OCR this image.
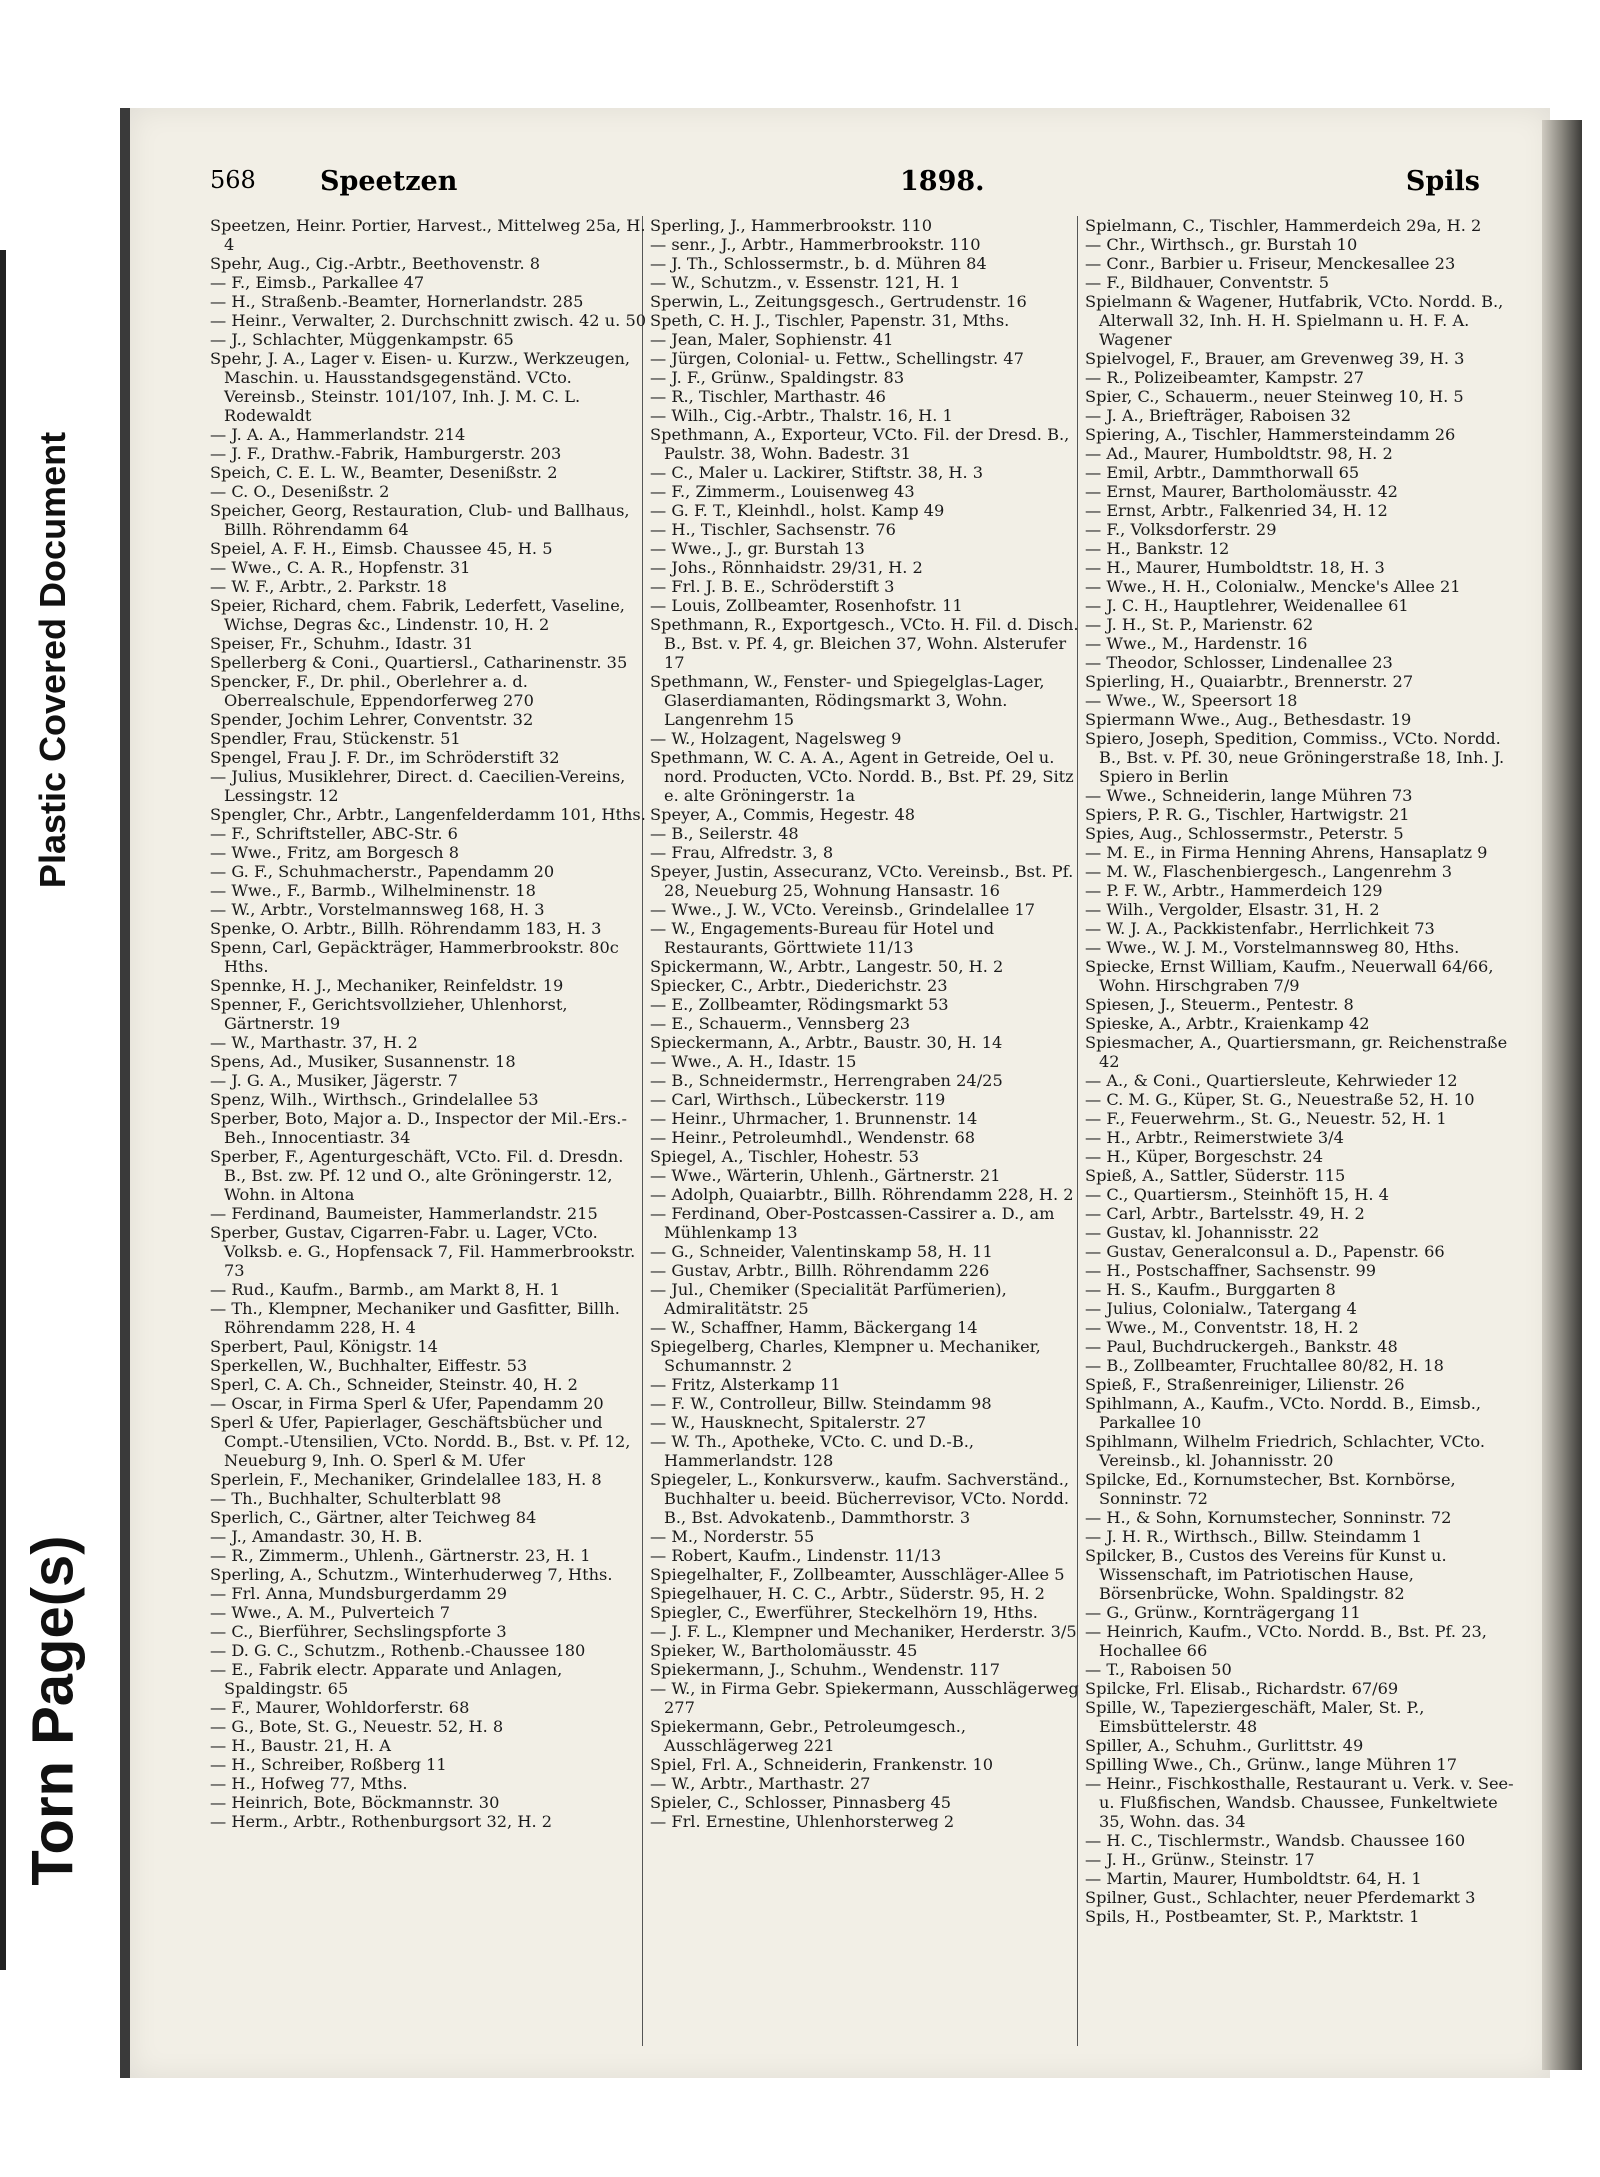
Plastic Covered Document
Torn Page(s)
568 Speetzen	1898.	Spils

Speetzen, Heinr. Portier, Harvest., Mittelweg 25a, H. 4

Spehr, Aug., Cig.-Arbtr., Beethovenstr. 8

— F., Eimsb., Parkallee 47

— H., Straßenb.-Beamter, Hornerlandstr. 285

— Heinr., Verwalter, 2. Durchschnitt zwisch. 42 u. 50

— J., Schlachter, Müggenkampstr. 65

Spehr, J. A., Lager v. Eisen- u. Kurzw., Werkzeugen, Maschin. u. Hausstandsgegenständ. VCto. Vereinsb., Steinstr. 101/107, Inh. J. M. C. L. Rodewaldt

— J. A. A., Hammerlandstr. 214

— J. F., Drathw.-Fabrik, Hamburgerstr. 203

Speich, C. E. L. W., Beamter, Desenißstr. 2

— C. O., Desenißstr. 2

Speicher, Georg, Restauration, Club- und Ballhaus, Billh. Röhrendamm 64

Speiel, A. F. H., Eimsb. Chaussee 45, H. 5

— Wwe., C. A. R., Hopfenstr. 31

— W. F., Arbtr., 2. Parkstr. 18

Speier, Richard, chem. Fabrik, Lederfett, Vaseline, Wichse, Degras &c., Lindenstr. 10, H. 2

Speiser, Fr., Schuhm., Idastr. 31

Spellerberg & Coni., Quartiersl., Catharinenstr. 35

Spencker, F., Dr. phil., Oberlehrer a. d. Oberrealschule, Eppendorferweg 270

Spender, Jochim Lehrer, Conventstr. 32

Spendler, Frau, Stückenstr. 51

Spengel, Frau J. F. Dr., im Schröderstift 32

— Julius, Musiklehrer, Direct. d. Caecilien-Vereins, Lessingstr. 12

Spengler, Chr., Arbtr., Langenfelderdamm 101, Hths.

— F., Schriftsteller, ABC-Str. 6

— Wwe., Fritz, am Borgesch 8

— G. F., Schuhmacherstr., Papendamm 20

— Wwe., F., Barmb., Wilhelminenstr. 18

— W., Arbtr., Vorstelmannsweg 168, H. 3

Spenke, O. Arbtr., Billh. Röhrendamm 183, H. 3

Spenn, Carl, Gepäckträger, Hammerbrookstr. 80c Hths.

Spennke, H. J., Mechaniker, Reinfeldstr. 19

Spenner, F., Gerichtsvollzieher, Uhlenhorst, Gärtnerstr. 19

— W., Marthastr. 37, H. 2

Spens, Ad., Musiker, Susannenstr. 18

— J. G. A., Musiker, Jägerstr. 7

Spenz, Wilh., Wirthsch., Grindelallee 53

Sperber, Boto, Major a. D., Inspector der Mil.-Ers.-Beh., Innocentiastr. 34

Sperber, F., Agenturgeschäft, VCto. Fil. d. Dresdn. B., Bst. zw. Pf. 12 und O., alte Gröningerstr. 12, Wohn. in Altona

— Ferdinand, Baumeister, Hammerlandstr. 215

Sperber, Gustav, Cigarren-Fabr. u. Lager, VCto. Volksb. e. G., Hopfensack 7, Fil. Hammerbrookstr. 73

— Rud., Kaufm., Barmb., am Markt 8, H. 1

— Th., Klempner, Mechaniker und Gasfitter, Billh. Röhrendamm 228, H. 4

Sperbert, Paul, Königstr. 14

Sperkellen, W., Buchhalter, Eiffestr. 53

Sperl, C. A. Ch., Schneider, Steinstr. 40, H. 2

— Oscar, in Firma Sperl & Ufer, Papendamm 20

Sperl & Ufer, Papierlager, Geschäftsbücher und Compt.-Utensilien, VCto. Nordd. B., Bst. v. Pf. 12, Neueburg 9, Inh. O. Sperl & M. Ufer

Sperlein, F., Mechaniker, Grindelallee 183, H. 8

— Th., Buchhalter, Schulterblatt 98

Sperlich, C., Gärtner, alter Teichweg 84

— J., Amandastr. 30, H. B.

— R., Zimmerm., Uhlenh., Gärtnerstr. 23, H. 1

Sperling, A., Schutzm., Winterhuderweg 7, Hths.

— Frl. Anna, Mundsburgerdamm 29

— Wwe., A. M., Pulverteich 7

— C., Bierführer, Sechslingspforte 3

— D. G. C., Schutzm., Rothenb.-Chaussee 180

— E., Fabrik electr. Apparate und Anlagen, Spaldingstr. 65

— F., Maurer, Wohldorferstr. 68

— G., Bote, St. G., Neuestr. 52, H. 8

— H., Baustr. 21, H. A

— H., Schreiber, Roßberg 11

— H., Hofweg 77, Mths.

— Heinrich, Bote, Böckmannstr. 30

— Herm., Arbtr., Rothenburgsort 32, H. 2

Sperling, J., Hammerbrookstr. 110

— senr., J., Arbtr., Hammerbrookstr. 110

— J. Th., Schlossermstr., b. d. Mühren 84

— W., Schutzm., v. Essenstr. 121, H. 1

Sperwin, L., Zeitungsgesch., Gertrudenstr. 16

Speth, C. H. J., Tischler, Papenstr. 31, Mths.

— Jean, Maler, Sophienstr. 41

— Jürgen, Colonial- u. Fettw., Schellingstr. 47

— J. F., Grünw., Spaldingstr. 83

— R., Tischler, Marthastr. 46

— Wilh., Cig.-Arbtr., Thalstr. 16, H. 1

Spethmann, A., Exporteur, VCto. Fil. der Dresd. B., Paulstr. 38, Wohn. Badestr. 31

— C., Maler u. Lackirer, Stiftstr. 38, H. 3

— F., Zimmerm., Louisenweg 43

— G. F. T., Kleinhdl., holst. Kamp 49

— H., Tischler, Sachsenstr. 76

— Wwe., J., gr. Burstah 13

— Johs., Rönnhaidstr. 29/31, H. 2

— Frl. J. B. E., Schröderstift 3

— Louis, Zollbeamter, Rosenhofstr. 11

Spethmann, R., Exportgesch., VCto. H. Fil. d. Disch. B., Bst. v. Pf. 4, gr. Bleichen 37, Wohn. Alsterufer 17

Spethmann, W., Fenster- und Spiegelglas-Lager, Glaserdiamanten, Rödingsmarkt 3, Wohn. Langenrehm 15

— W., Holzagent, Nagelsweg 9

Spethmann, W. C. A. A., Agent in Getreide, Oel u. nord. Producten, VCto. Nordd. B., Bst. Pf. 29, Sitz e. alte Gröningerstr. 1a

Speyer, A., Commis, Hegestr. 48

— B., Seilerstr. 48

— Frau, Alfredstr. 3, 8

Speyer, Justin, Assecuranz, VCto. Vereinsb., Bst. Pf. 28, Neueburg 25, Wohnung Hansastr. 16

— Wwe., J. W., VCto. Vereinsb., Grindelallee 17

— W., Engagements-Bureau für Hotel und Restaurants, Görttwiete 11/13

Spickermann, W., Arbtr., Langestr. 50, H. 2

Spiecker, C., Arbtr., Diederichstr. 23

— E., Zollbeamter, Rödingsmarkt 53

— E., Schauerm., Vennsberg 23

Spieckermann, A., Arbtr., Baustr. 30, H. 14

— Wwe., A. H., Idastr. 15

— B., Schneidermstr., Herrengraben 24/25

— Carl, Wirthsch., Lübeckerstr. 119

— Heinr., Uhrmacher, 1. Brunnenstr. 14

— Heinr., Petroleumhdl., Wendenstr. 68

Spiegel, A., Tischler, Hohestr. 53

— Wwe., Wärterin, Uhlenh., Gärtnerstr. 21

— Adolph, Quaiarbtr., Billh. Röhrendamm 228, H. 2

— Ferdinand, Ober-Postcassen-Cassirer a. D., am Mühlenkamp 13

— G., Schneider, Valentinskamp 58, H. 11

— Gustav, Arbtr., Billh. Röhrendamm 226

— Jul., Chemiker (Specialität Parfümerien), Admiralitätstr. 25

— W., Schaffner, Hamm, Bäckergang 14

Spiegelberg, Charles, Klempner u. Mechaniker, Schumannstr. 2

— Fritz, Alsterkamp 11

— F. W., Controlleur, Billw. Steindamm 98

— W., Hausknecht, Spitalerstr. 27

— W. Th., Apotheke, VCto. C. und D.-B., Hammerlandstr. 128

Spiegeler, L., Konkursverw., kaufm. Sachverständ., Buchhalter u. beeid. Bücherrevisor, VCto. Nordd. B., Bst. Advokatenb., Dammthorstr. 3

— M., Norderstr. 55

— Robert, Kaufm., Lindenstr. 11/13

Spiegelhalter, F., Zollbeamter, Ausschläger-Allee 5

Spiegelhauer, H. C. C., Arbtr., Süderstr. 95, H. 2

Spiegler, C., Ewerführer, Steckelhörn 19, Hths.

— J. F. L., Klempner und Mechaniker, Herderstr. 3/5

Spieker, W., Bartholomäusstr. 45

Spiekermann, J., Schuhm., Wendenstr. 117

— W., in Firma Gebr. Spiekermann, Ausschlägerweg 277

Spiekermann, Gebr., Petroleumgesch., Ausschlägerweg 221

Spiel, Frl. A., Schneiderin, Frankenstr. 10

— W., Arbtr., Marthastr. 27

Spieler, C., Schlosser, Pinnasberg 45

— Frl. Ernestine, Uhlenhorsterweg 2

Spielmann, C., Tischler, Hammerdeich 29a, H. 2

— Chr., Wirthsch., gr. Burstah 10

— Conr., Barbier u. Friseur, Menckesallee 23

— F., Bildhauer, Conventstr. 5

Spielmann & Wagener, Hutfabrik, VCto. Nordd. B., Alterwall 32, Inh. H. H. Spielmann u. H. F. A. Wagener

Spielvogel, F., Brauer, am Grevenweg 39, H. 3

— R., Polizeibeamter, Kampstr. 27

Spier, C., Schauerm., neuer Steinweg 10, H. 5

— J. A., Briefträger, Raboisen 32

Spiering, A., Tischler, Hammersteindamm 26

— Ad., Maurer, Humboldtstr. 98, H. 2

— Emil, Arbtr., Dammthorwall 65

— Ernst, Maurer, Bartholomäusstr. 42

— Ernst, Arbtr., Falkenried 34, H. 12

— F., Volksdorferstr. 29

— H., Bankstr. 12

— H., Maurer, Humboldtstr. 18, H. 3

— Wwe., H. H., Colonialw., Mencke's Allee 21

— J. C. H., Hauptlehrer, Weidenallee 61

— J. H., St. P., Marienstr. 62

— Wwe., M., Hardenstr. 16

— Theodor, Schlosser, Lindenallee 23

Spierling, H., Quaiarbtr., Brennerstr. 27

— Wwe., W., Speersort 18

Spiermann Wwe., Aug., Bethesdastr. 19

Spiero, Joseph, Spedition, Commiss., VCto. Nordd. B., Bst. v. Pf. 30, neue Gröningerstraße 18, Inh. J. Spiero in Berlin

— Wwe., Schneiderin, lange Mühren 73

Spiers, P. R. G., Tischler, Hartwigstr. 21

Spies, Aug., Schlossermstr., Peterstr. 5

— M. E., in Firma Henning Ahrens, Hansaplatz 9

— M. W., Flaschenbiergesch., Langenrehm 3

— P. F. W., Arbtr., Hammerdeich 129

— Wilh., Vergolder, Elsastr. 31, H. 2

— W. J. A., Packkistenfabr., Herrlichkeit 73

— Wwe., W. J. M., Vorstelmannsweg 80, Hths.

Spiecke, Ernst William, Kaufm., Neuerwall 64/66, Wohn. Hirschgraben 7/9

Spiesen, J., Steuerm., Pentestr. 8

Spieske, A., Arbtr., Kraienkamp 42

Spiesmacher, A., Quartiersmann, gr. Reichenstraße 42

— A., & Coni., Quartiersleute, Kehrwieder 12

— C. M. G., Küper, St. G., Neuestraße 52, H. 10

— F., Feuerwehrm., St. G., Neuestr. 52, H. 1

— H., Arbtr., Reimerstwiete 3/4

— H., Küper, Borgeschstr. 24

Spieß, A., Sattler, Süderstr. 115

— C., Quartiersm., Steinhöft 15, H. 4

— Carl, Arbtr., Bartelsstr. 49, H. 2

— Gustav, kl. Johannisstr. 22

— Gustav, Generalconsul a. D., Papenstr. 66

— H., Postschaffner, Sachsenstr. 99

— H. S., Kaufm., Burggarten 8

— Julius, Colonialw., Tatergang 4

— Wwe., M., Conventstr. 18, H. 2

— Paul, Buchdruckergeh., Bankstr. 48

— B., Zollbeamter, Fruchtallee 80/82, H. 18

Spieß, F., Straßenreiniger, Lilienstr. 26

Spihlmann, A., Kaufm., VCto. Nordd. B., Eimsb., Parkallee 10

Spihlmann, Wilhelm Friedrich, Schlachter, VCto. Vereinsb., kl. Johannisstr. 20

Spilcke, Ed., Kornumstecher, Bst. Kornbörse, Sonninstr. 72

— H., & Sohn, Kornumstecher, Sonninstr. 72

— J. H. R., Wirthsch., Billw. Steindamm 1

Spilcker, B., Custos des Vereins für Kunst u. Wissenschaft, im Patriotischen Hause, Börsenbrücke, Wohn. Spaldingstr. 82

— G., Grünw., Kornträgergang 11

— Heinrich, Kaufm., VCto. Nordd. B., Bst. Pf. 23, Hochallee 66

— T., Raboisen 50

Spilcke, Frl. Elisab., Richardstr. 67/69

Spille, W., Tapeziergeschäft, Maler, St. P., Eimsbüttelerstr. 48

Spiller, A., Schuhm., Gurlittstr. 49

Spilling Wwe., Ch., Grünw., lange Mühren 17

— Heinr., Fischkosthalle, Restaurant u. Verk. v. See- u. Flußfischen, Wandsb. Chaussee, Funkeltwiete 35, Wohn. das. 34

— H. C., Tischlermstr., Wandsb. Chaussee 160

— J. H., Grünw., Steinstr. 17

— Martin, Maurer, Humboldtstr. 64, H. 1

Spilner, Gust., Schlachter, neuer Pferdemarkt 3

Spils, H., Postbeamter, St. P., Marktstr. 1
